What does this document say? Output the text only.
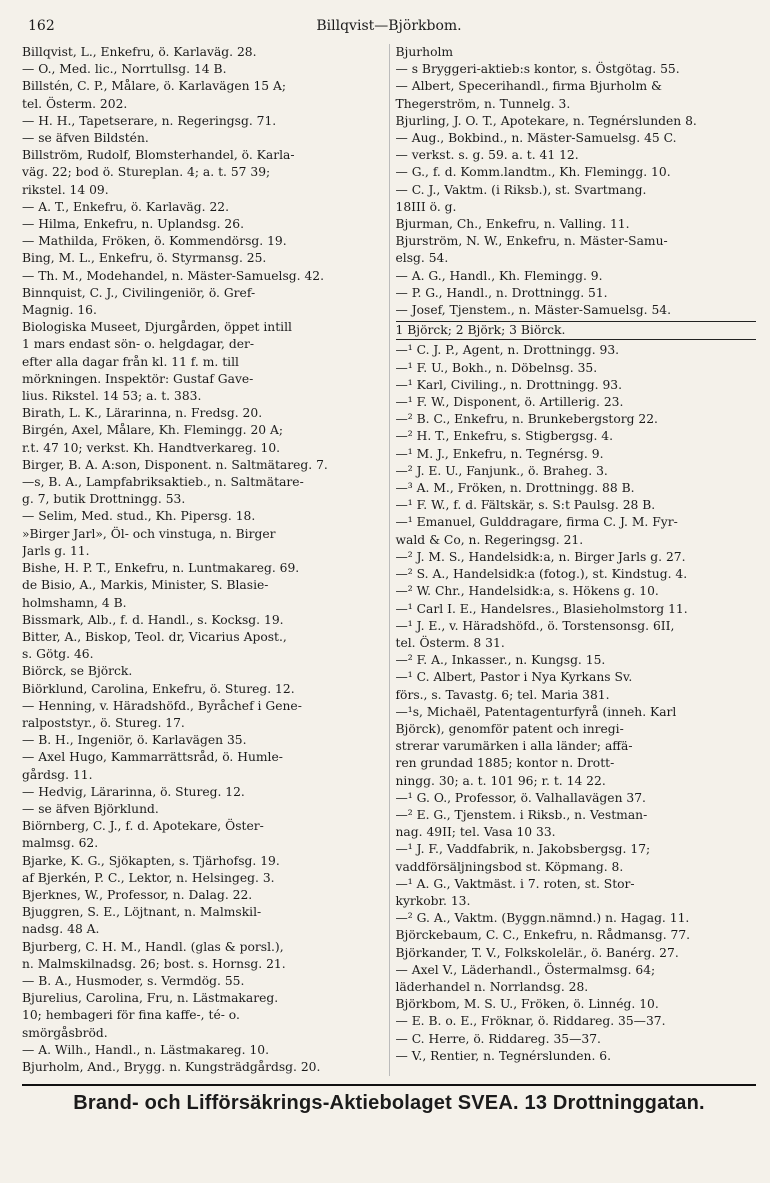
162	Billqvist—Björkbom.
Billqvist, L., Enkefru, ö. Karlaväg. 28.
— O., Med. lic., Norrtullsg. 14 B.
Billstén, C. P., Målare, ö. Karlavägen 15 A;
tel. Österm. 202.
— H. H., Tapetserare, n. Regeringsg. 71.
— se äfven Bildstén.
Billström, Rudolf, Blomsterhandel, ö. Karla-
väg. 22; bod ö. Stureplan. 4; a. t. 57 39;
rikstel. 14 09.
— A. T., Enkefru, ö. Karlaväg. 22.
— Hilma, Enkefru, n. Uplandsg. 26.
— Mathilda, Fröken, ö. Kommendörsg. 19.
Bing, M. L., Enkefru, ö. Styrmansg. 25.
— Th. M., Modehandel, n. Mäster-Samuelsg. 42.
Binnquist, C. J., Civilingeniör, ö. Gref-
Magnig. 16.
Biologiska Museet, Djurgården, öppet intill
1 mars endast sön- o. helgdagar, der-
efter alla dagar från kl. 11 f. m. till
mörkningen. Inspektör: Gustaf Gave-
lius. Rikstel. 14 53; a. t. 383.
Birath, L. K., Lärarinna, n. Fredsg. 20.
Birgén, Axel, Målare, Kh. Flemingg. 20 A;
r.t. 47 10; verkst. Kh. Handtverkareg. 10.
Birger, B. A. A:son, Disponent. n. Saltmätareg. 7.
—s, B. A., Lampfabriksaktieb., n. Saltmätare-
g. 7, butik Drottningg. 53.
— Selim, Med. stud., Kh. Pipersg. 18.
»Birger Jarl», Öl- och vinstuga, n. Birger
Jarls g. 11.
Bishe, H. P. T., Enkefru, n. Luntmakareg. 69.
de Bisio, A., Markis, Minister, S. Blasie-
holmshamn, 4 B.
Bissmark, Alb., f. d. Handl., s. Kocksg. 19.
Bitter, A., Biskop, Teol. dr, Vicarius Apost.,
s. Götg. 46.
Biörck, se Björck.
Biörklund, Carolina, Enkefru, ö. Stureg. 12.
— Henning, v. Häradshöfd., Byråchef i Gene-
ralpoststyr., ö. Stureg. 17.
— B. H., Ingeniör, ö. Karlavägen 35.
— Axel Hugo, Kammarrättsråd, ö. Humle-
gårdsg. 11.
— Hedvig, Lärarinna, ö. Stureg. 12.
— se äfven Björklund.
Biörnberg, C. J., f. d. Apotekare, Öster-
malmsg. 62.
Bjarke, K. G., Sjökapten, s. Tjärhofsg. 19.
af Bjerkén, P. C., Lektor, n. Helsingeg. 3.
Bjerknes, W., Professor, n. Dalag. 22.
Bjuggren, S. E., Löjtnant, n. Malmskil-
nadsg. 48 A.
Bjurberg, C. H. M., Handl. (glas & porsl.),
n. Malmskilnadsg. 26; bost. s. Hornsg. 21.
— B. A., Husmoder, s. Vermdög. 55.
Bjurelius, Carolina, Fru, n. Lästmakareg.
10; hembageri för fina kaffe-, té- o.
smörgåsbröd.
— A. Wilh., Handl., n. Lästmakareg. 10.
Bjurholm, And., Brygg. n. Kungsträdgårdsg. 20.
Bjurholm
— s Bryggeri-aktieb:s kontor, s. Östgötag. 55.
— Albert, Specerihandl., firma Bjurholm &
Thegerström, n. Tunnelg. 3.
Bjurling, J. O. T., Apotekare, n. Tegnérslunden 8.
— Aug., Bokbind., n. Mäster-Samuelsg. 45 C.
— verkst. s. g. 59. a. t. 41 12.
— G., f. d. Komm.landtm., Kh. Flemingg. 10.
— C. J., Vaktm. (i Riksb.), st. Svartmang.
18III ö. g.
Bjurman, Ch., Enkefru, n. Valling. 11.
Bjurström, N. W., Enkefru, n. Mäster-Samu-
elsg. 54.
— A. G., Handl., Kh. Flemingg. 9.
— P. G., Handl., n. Drottningg. 51.
— Josef, Tjenstem., n. Mäster-Samuelsg. 54.
1 Björck; 2 Björk; 3 Biörck.
—¹ C. J. P., Agent, n. Drottningg. 93.
—¹ F. U., Bokh., n. Döbelnsg. 35.
—¹ Karl, Civiling., n. Drottningg. 93.
—¹ F. W., Disponent, ö. Artillerig. 23.
—² B. C., Enkefru, n. Brunkebergstorg 22.
—² H. T., Enkefru, s. Stigbergsg. 4.
—¹ M. J., Enkefru, n. Tegnérsg. 9.
—² J. E. U., Fanjunk., ö. Braheg. 3.
—³ A. M., Fröken, n. Drottningg. 88 B.
—¹ F. W., f. d. Fältskär, s. S:t Paulsg. 28 B.
—¹ Emanuel, Gulddragare, firma C. J. M. Fyr-
wald & Co, n. Regeringsg. 21.
—² J. M. S., Handelsidk:a, n. Birger Jarls g. 27.
—² S. A., Handelsidk:a (fotog.), st. Kindstug. 4.
—² W. Chr., Handelsidk:a, s. Hökens g. 10.
—¹ Carl I. E., Handelsres., Blasieholmstorg 11.
—¹ J. E., v. Häradshöfd., ö. Torstensonsg. 6II,
tel. Österm. 8 31.
—² F. A., Inkasser., n. Kungsg. 15.
—¹ C. Albert, Pastor i Nya Kyrkans Sv.
förs., s. Tavastg. 6; tel. Maria 381.
—¹s, Michaël, Patentagenturfyrå (inneh. Karl
Björck), genomför patent och inregi-
strerar varumärken i alla länder; affä-
ren grundad 1885; kontor n. Drott-
ningg. 30; a. t. 101 96; r. t. 14 22.
—¹ G. O., Professor, ö. Valhallavägen 37.
—² E. G., Tjenstem. i Riksb., n. Vestman-
nag. 49II; tel. Vasa 10 33.
—¹ J. F., Vaddfabrik, n. Jakobsbergsg. 17;
vaddförsäljningsbod st. Köpmang. 8.
—¹ A. G., Vaktmäst. i 7. roten, st. Stor-
kyrkobr. 13.
—² G. A., Vaktm. (Byggn.nämnd.) n. Hagag. 11.
Björckebaum, C. C., Enkefru, n. Rådmansg. 77.
Björkander, T. V., Folkskolelär., ö. Banérg. 27.
— Axel V., Läderhandl., Östermalmsg. 64;
läderhandel n. Norrlandsg. 28.
Björkbom, M. S. U., Fröken, ö. Linnég. 10.
— E. B. o. E., Fröknar, ö. Riddareg. 35—37.
— C. Herre, ö. Riddareg. 35—37.
— V., Rentier, n. Tegnérslunden. 6.
Brand- och Lifförsäkrings-Aktiebolaget SVEA. 13 Drottninggatan.
